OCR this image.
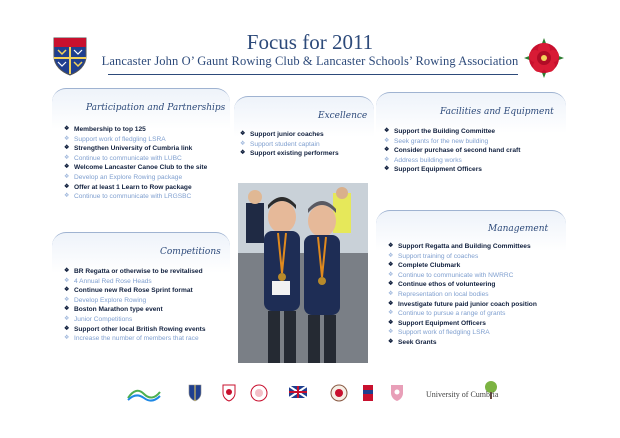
Focus for 2011
Lancaster John O’ Gaunt Rowing Club & Lancaster Schools’ Rowing Association
Participation and Partnerships
❖ Membership to top 125
❖ Support work of fledgling LSRA
❖ Strengthen University of Cumbria link
❖ Continue to communicate with LUBC
❖ Welcome Lancaster Canoe Club to the site
❖ Develop an Explore Rowing package
❖ Offer at least 1 Learn to Row package
❖ Continue to communicate with LRGSBC
Excellence
❖ Support junior coaches
❖ Support student captain
❖ Support existing performers
Facilities and Equipment
❖ Support the Building Committee
❖ Seek grants for the new building
❖ Consider purchase of second hand craft
❖ Address building works
❖ Support Equipment Officers
Competitions
❖ BR Regatta or otherwise to be revitalised
❖ 4 Annual Red Rose Heads
❖ Continue new Red Rose Sprint format
❖ Develop Explore Rowing
❖ Boston Marathon type event
❖ Junior Competitions
❖ Support other local British Rowing events
❖ Increase the number of members that race
Management
❖ Support Regatta and Building Committees
❖ Support training of coaches
❖ Complete Clubmark
❖ Continue to communicate with NWRRC
❖ Continue ethos of volunteering
❖ Representation on local bodies
❖ Investigate future paid junior coach position
❖ Continue to pursue a range of grants
❖ Support Equipment Officers
❖ Support work of fledgling LSRA
❖ Seek Grants
University of Cumbria
